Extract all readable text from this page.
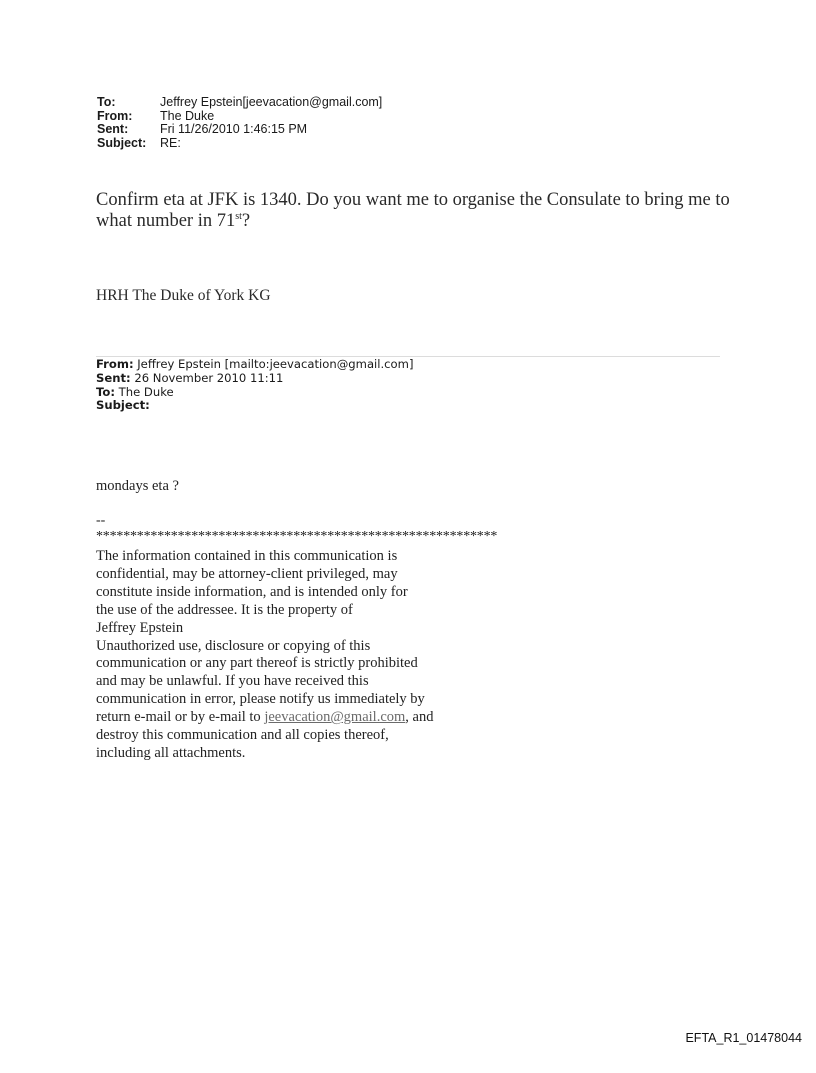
To:	Jeffrey Epstein[jeevacation@gmail.com]
From:	The Duke
Sent:	Fri 11/26/2010 1:46:15 PM
Subject:	RE:
Confirm eta at JFK is 1340. Do you want me to organise the Consulate to bring me to what number in 71st?
HRH The Duke of York KG
From: Jeffrey Epstein [mailto:jeevacation@gmail.com]
Sent: 26 November 2010 11:11
To: The Duke
Subject:
mondays eta ?
--
***********************************************************
The information contained in this communication is
confidential, may be attorney-client privileged, may
constitute inside information, and is intended only for
the use of the addressee. It is the property of
Jeffrey Epstein
Unauthorized use, disclosure or copying of this
communication or any part thereof is strictly prohibited
and may be unlawful. If you have received this
communication in error, please notify us immediately by
return e-mail or by e-mail to jeevacation@gmail.com, and
destroy this communication and all copies thereof,
including all attachments.
EFTA_R1_01478044
